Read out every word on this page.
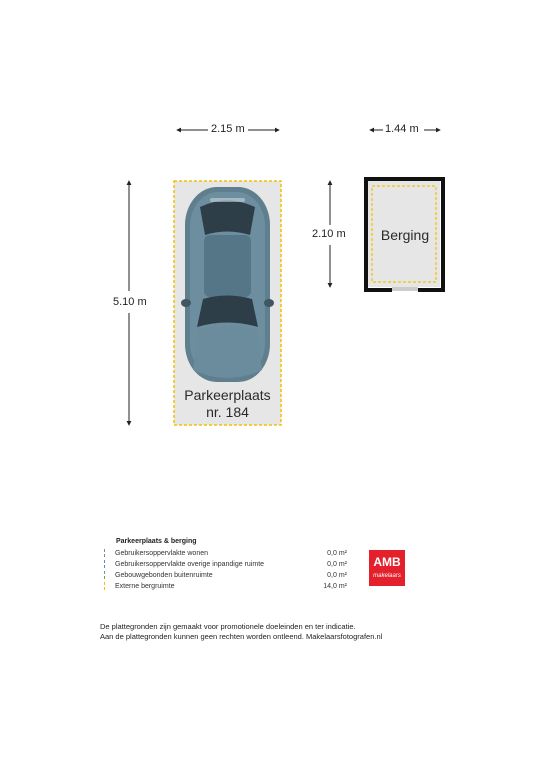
2.15 m	1.44 m
2.10 m
5.10 m
Parkeerplaats
nr. 184
Berging
Parkeerplaats & berging
Gebruikersoppervlakte wonen	0,0 m²
Gebruikersoppervlakte overige inpandige ruimte	0,0 m²
Gebouwgebonden buitenruimte	0,0 m²
Externe bergruimte	14,0 m²
AMB
makelaars
De plattegronden zijn gemaakt voor promotionele doeleinden en ter indicatie.
Aan de plattegronden kunnen geen rechten worden ontleend. Makelaarsfotografen.nl
